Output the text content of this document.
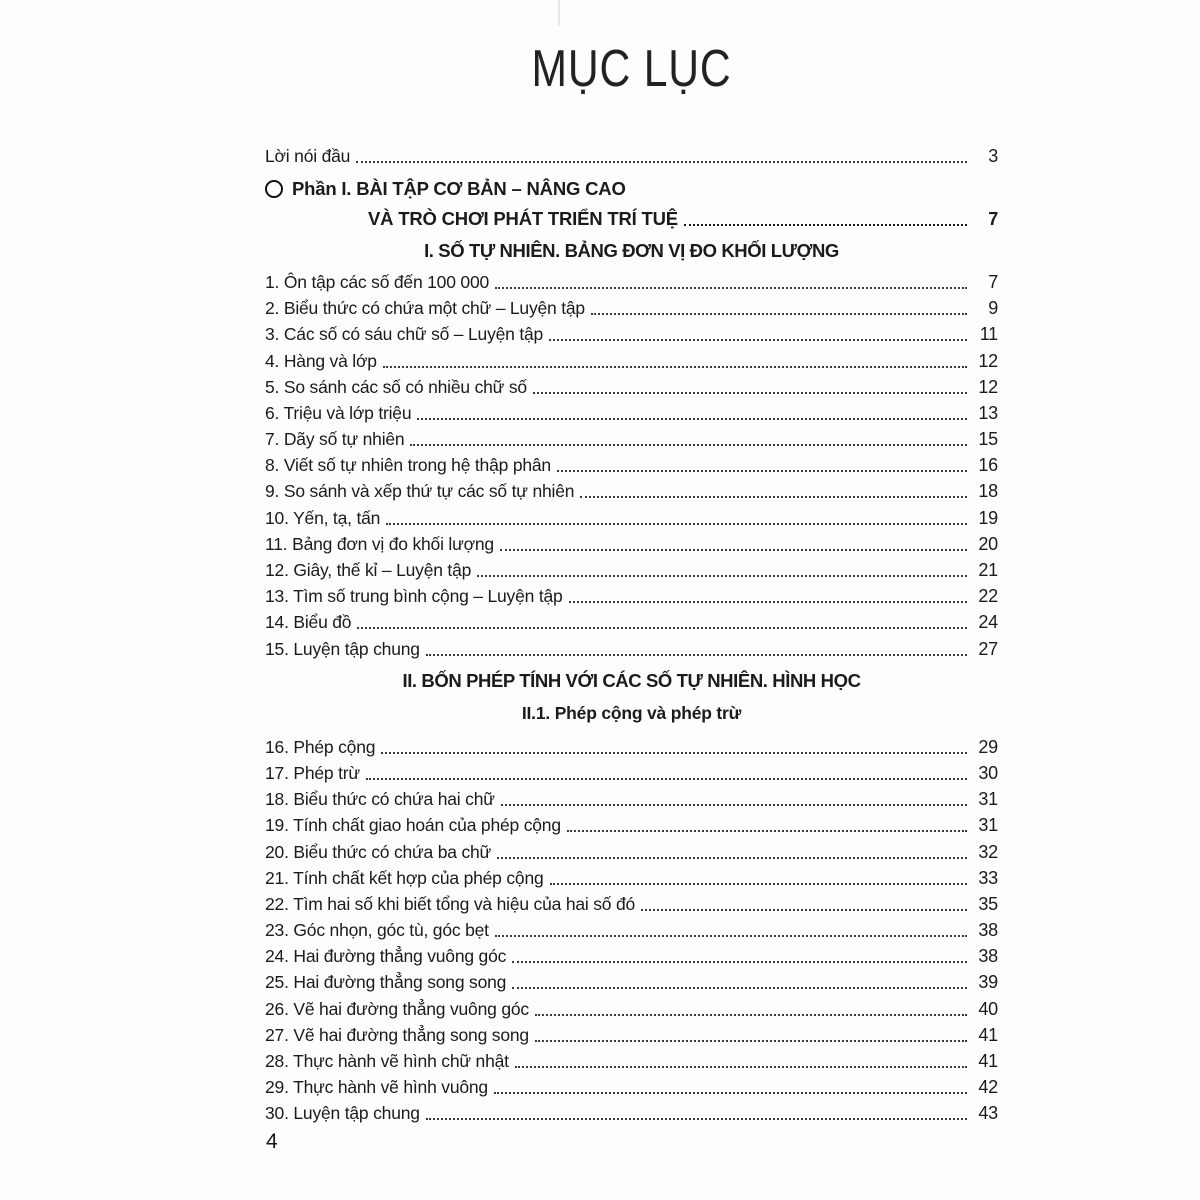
MỤC LỤC
Lời nói đầu	3
Phần I. BÀI TẬP CƠ BẢN – NÂNG CAO
VÀ TRÒ CHƠI PHÁT TRIỂN TRÍ TUỆ	7
I. SỐ TỰ NHIÊN. BẢNG ĐƠN VỊ ĐO KHỐI LƯỢNG
1. Ôn tập các số đến 100 000	7
2. Biểu thức có chứa một chữ – Luyện tập	9
3. Các số có sáu chữ số – Luyện tập	11
4. Hàng và lớp	12
5. So sánh các số có nhiều chữ số	12
6. Triệu và lớp triệu	13
7. Dãy số tự nhiên	15
8. Viết số tự nhiên trong hệ thập phân	16
9. So sánh và xếp thứ tự các số tự nhiên	18
10. Yến, tạ, tấn	19
11. Bảng đơn vị đo khối lượng	20
12. Giây, thế kỉ – Luyện tập	21
13. Tìm số trung bình cộng – Luyện tập	22
14. Biểu đồ	24
15. Luyện tập chung	27
II. BỐN PHÉP TÍNH VỚI CÁC SỐ TỰ NHIÊN. HÌNH HỌC
II.1. Phép cộng và phép trừ
16. Phép cộng	29
17. Phép trừ	30
18. Biểu thức có chứa hai chữ	31
19. Tính chất giao hoán của phép cộng	31
20. Biểu thức có chứa ba chữ	32
21. Tính chất kết hợp của phép cộng	33
22. Tìm hai số khi biết tổng và hiệu của hai số đó	35
23. Góc nhọn, góc tù, góc bẹt	38
24. Hai đường thẳng vuông góc	38
25. Hai đường thẳng song song	39
26. Vẽ hai đường thẳng vuông góc	40
27. Vẽ hai đường thẳng song song	41
28. Thực hành vẽ hình chữ nhật	41
29. Thực hành vẽ hình vuông	42
30. Luyện tập chung	43
4
